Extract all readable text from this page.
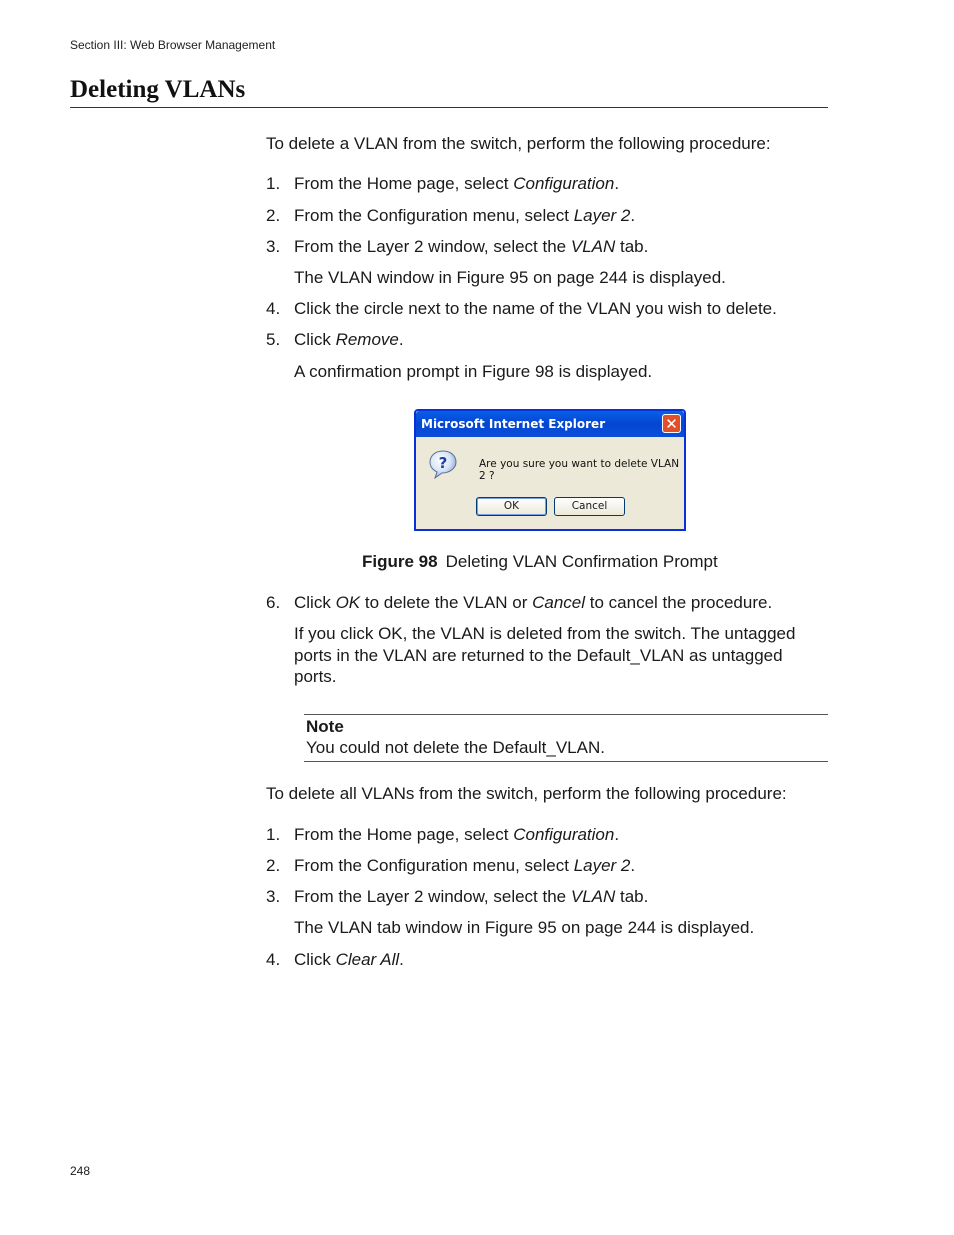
Section III: Web Browser Management
Deleting VLANs
To delete a VLAN from the switch, perform the following procedure:
1. From the Home page, select Configuration.
2. From the Configuration menu, select Layer 2.
3. From the Layer 2 window, select the VLAN tab.
The VLAN window in Figure 95 on page 244 is displayed.
4. Click the circle next to the name of the VLAN you wish to delete.
5. Click Remove.
A confirmation prompt in Figure 98 is displayed.
Microsoft Internet Explorer	✕
?	Are you sure you want to delete VLAN 2 ?
OK	Cancel
Figure 98 Deleting VLAN Confirmation Prompt
6. Click OK to delete the VLAN or Cancel to cancel the procedure.
If you click OK, the VLAN is deleted from the switch. The untagged ports in the VLAN are returned to the Default_VLAN as untagged ports.
Note
You could not delete the Default_VLAN.
To delete all VLANs from the switch, perform the following procedure:
1. From the Home page, select Configuration.
2. From the Configuration menu, select Layer 2.
3. From the Layer 2 window, select the VLAN tab.
The VLAN tab window in Figure 95 on page 244 is displayed.
4. Click Clear All.
248
